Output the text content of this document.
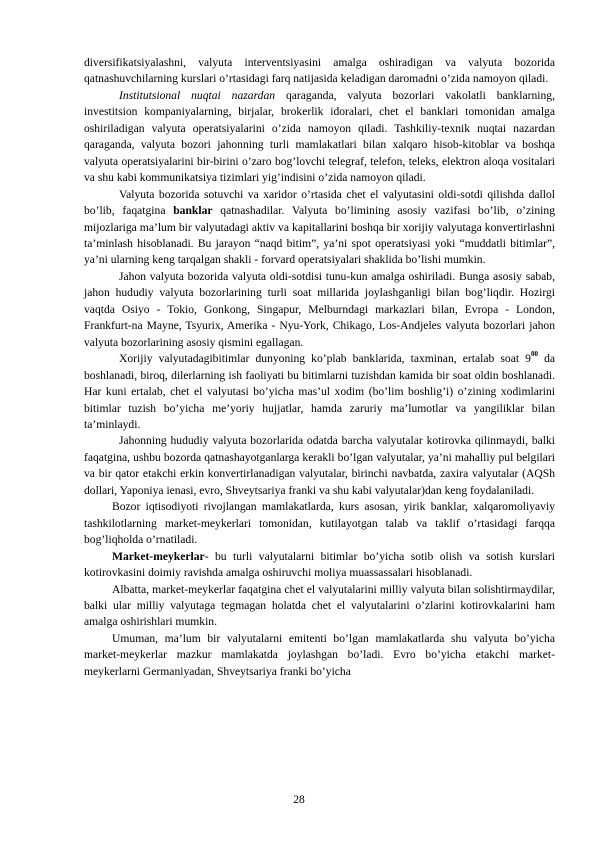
diversifikatsiyalashni, valyuta interventsiyasini amalga oshiradigan va valyuta bozorida qatnashuvchilarning kurslari o’rtasidagi farq natijasida keladigan daromadni o’zida namoyon qiladi.

Institutsional nuqtai nazardan qaraganda, valyuta bozorlari vakolatli banklarning, investitsion kompaniyalarning, birjalar, brokerlik idoralari, chet el banklari tomonidan amalga oshiriladigan valyuta operatsiyalarini o’zida namoyon qiladi. Tashkiliy-texnik nuqtai nazardan qaraganda, valyuta bozori jahonning turli mamlakatlari bilan xalqaro hisob-kitoblar va boshqa valyuta operatsiyalarini bir-birini o’zaro bog’lovchi telegraf, telefon, teleks, elektron aloqa vositalari va shu kabi kommunikatsiya tizimlari yig’indisini o’zida namoyon qiladi.

Valyuta bozorida sotuvchi va xaridor o’rtasida chet el valyutasini oldi-sotdi qilishda dallol bo’lib, faqatgina banklar qatnashadilar. Valyuta bo’limining asosiy vazifasi bo’lib, o’zining mijozlariga ma’lum bir valyutadagi aktiv va kapitallarini boshqa bir xorijiy valyutaga konvertirlashni ta’minlash hisoblanadi. Bu jarayon “naqd bitim”, ya’ni spot operatsiyasi yoki “muddatli bitimlar”, ya’ni ularning keng tarqalgan shakli - forvard operatsiyalari shaklida bo’lishi mumkin.

Jahon valyuta bozorida valyuta oldi-sotdisi tunu-kun amalga oshiriladi. Bunga asosiy sabab, jahon hududiy valyuta bozorlarining turli soat millarida joylashganligi bilan bog’liqdir. Hozirgi vaqtda Osiyo - Tokio, Gonkong, Singapur, Melburndagi markazlari bilan, Evropa - London, Frankfurt-na Mayne, Tsyurix, Amerika - Nyu-York, Chikago, Los-Andjeles valyuta bozorlari jahon valyuta bozorlarining asosiy qismini egallagan.

Xorijiy valyutadagibitimlar dunyoning ko’plab banklarida, taxminan, ertalab soat $9^{00}$ da boshlanadi, biroq, dilerlarning ish faoliyati bu bitimlarni tuzishdan kamida bir soat oldin boshlanadi. Har kuni ertalab, chet el valyutasi bo’yicha mas’ul xodim (bo’lim boshlig’i) o’zining xodimlarini bitimlar tuzish bo’yicha me’yoriy hujjatlar, hamda zaruriy ma’lumotlar va yangiliklar bilan ta’minlaydi.

Jahonning hududiy valyuta bozorlarida odatda barcha valyutalar kotirovka qilinmaydi, balki faqatgina, ushbu bozorda qatnashayotganlarga kerakli bo’lgan valyutalar, ya’ni mahalliy pul belgilari va bir qator etakchi erkin konvertirlanadigan valyutalar, birinchi navbatda, zaxira valyutalar (AQSh dollari, Yaponiya ienasi, evro, Shveytsariya franki va shu kabi valyutalar)dan keng foydalaniladi.

Bozor iqtisodiyoti rivojlangan mamlakatlarda, kurs asosan, yirik banklar, xalqaromoliyaviy tashkilotlarning market-meykerlari tomonidan, kutilayotgan talab va taklif o’rtasidagi farqqa bog’liqholda o’rnatiladi.

Market-meykerlar- bu turli valyutalarni bitimlar bo’yicha sotib olish va sotish kurslari kotirovkasini doimiy ravishda amalga oshiruvchi moliya muassassalari hisoblanadi.

Albatta, market-meykerlar faqatgina chet el valyutalarini milliy valyuta bilan solishtirmaydilar, balki ular milliy valyutaga tegmagan holatda chet el valyutalarini o’zlarini kotirovkalarini ham amalga oshirishlari mumkin.

Umuman, ma’lum bir valyutalarni emitenti bo’lgan mamlakatlarda shu valyuta bo’yicha market-meykerlar mazkur mamlakatda joylashgan bo’ladi. Evro bo’yicha etakchi market-meykerlarni Germaniyadan, Shveytsariya franki bo’yicha

28
